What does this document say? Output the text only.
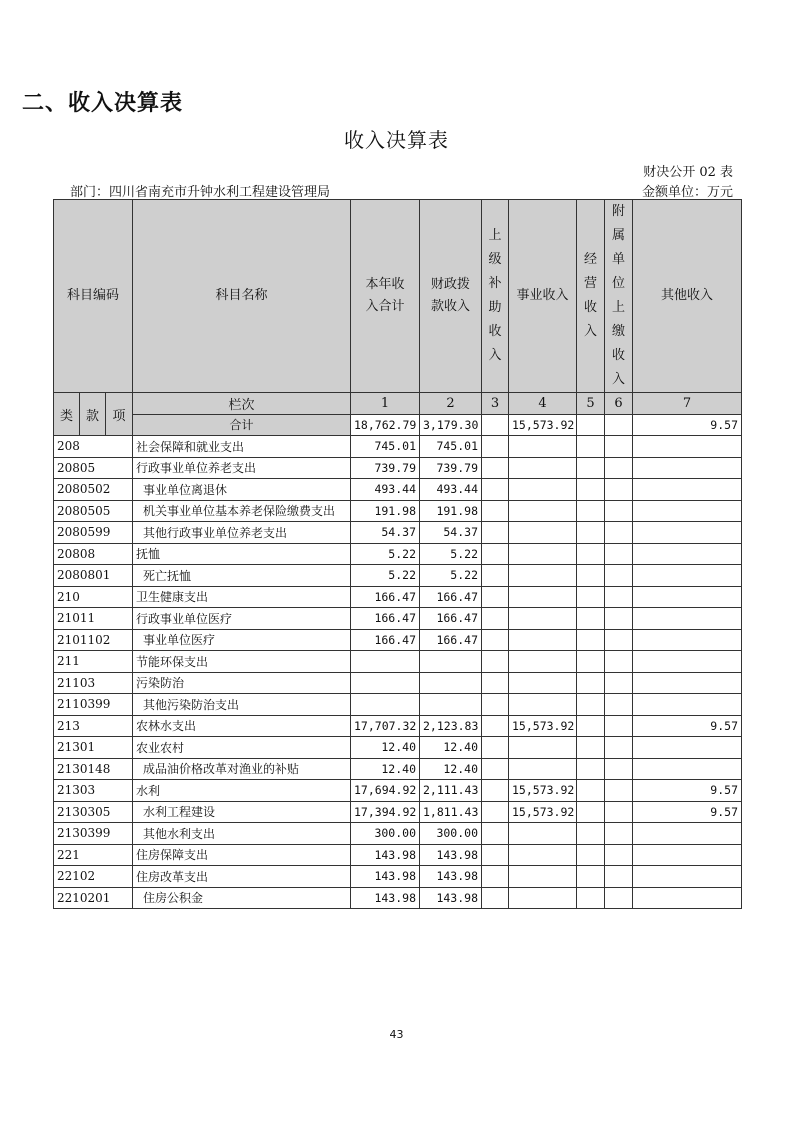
二、收入决算表
收入决算表
财决公开 02 表
部门：四川省南充市升钟水利工程建设管理局	金额单位：万元
科目编码			科目名称	本年收入合计	财政拨款收入	上级补助收入	事业收入	经营收入	附属单位上缴收入	其他收入
类	款	项	栏次	1	2	3	4	5	6	7
			合计	18,762.79	3,179.30		15,573.92			9.57
208			社会保障和就业支出	745.01	745.01					
20805			行政事业单位养老支出	739.79	739.79					
2080502			事业单位离退休	493.44	493.44					
2080505			机关事业单位基本养老保险缴费支出	191.98	191.98					
2080599			其他行政事业单位养老支出	54.37	54.37					
20808			抚恤	5.22	5.22					
2080801			死亡抚恤	5.22	5.22					
210			卫生健康支出	166.47	166.47					
21011			行政事业单位医疗	166.47	166.47					
2101102			事业单位医疗	166.47	166.47					
211			节能环保支出							
21103			污染防治							
2110399			其他污染防治支出							
213			农林水支出	17,707.32	2,123.83		15,573.92			9.57
21301			农业农村	12.40	12.40					
2130148			成品油价格改革对渔业的补贴	12.40	12.40					
21303			水利	17,694.92	2,111.43		15,573.92			9.57
2130305			水利工程建设	17,394.92	1,811.43		15,573.92			9.57
2130399			其他水利支出	300.00	300.00					
221			住房保障支出	143.98	143.98					
22102			住房改革支出	143.98	143.98					
2210201			住房公积金	143.98	143.98					
43
